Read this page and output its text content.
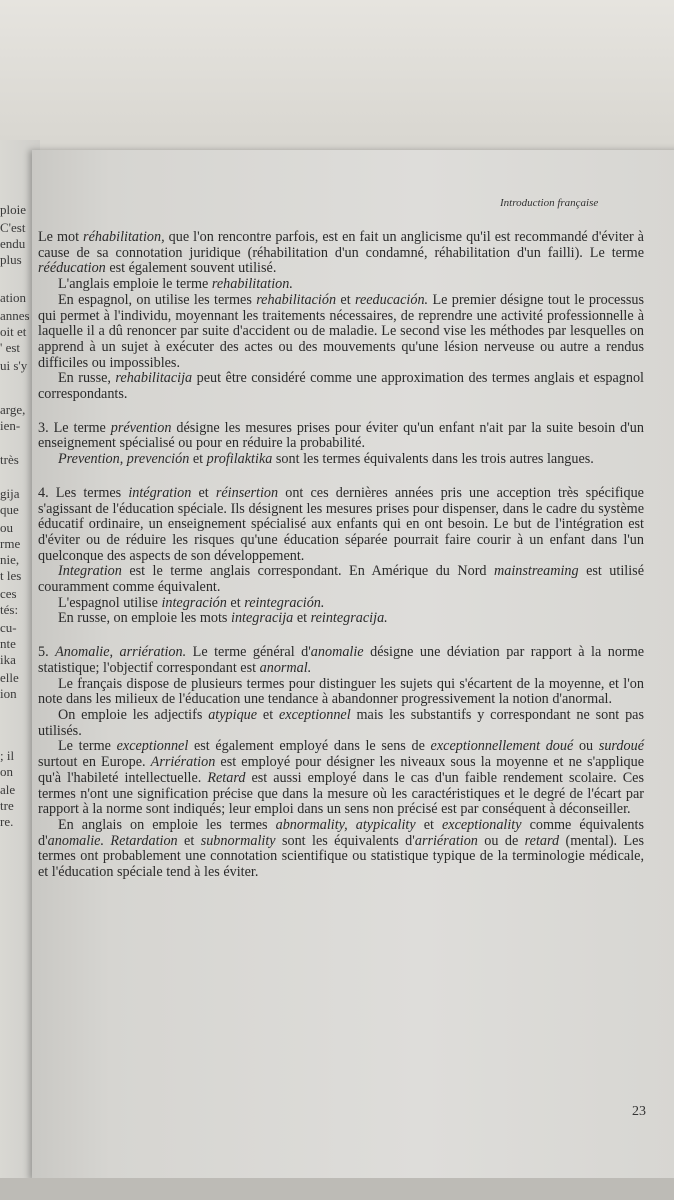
ploie
C'est
endu
plus
ation
annes
oit et
' est
ui s'y
arge,
ien-
très
gija
que
ou
rme
nie,
t les
ces
tés:
cu-
nte
ika
elle
ion
; il
on
ale
tre
re.
Introduction française

Le mot réhabilitation, que l'on rencontre parfois, est en fait un anglicisme qu'il est recommandé d'éviter à cause de sa connotation juridique (réhabilitation d'un condamné, réhabilitation d'un failli). Le terme rééducation est également souvent utilisé.

L'anglais emploie le terme rehabilitation.

En espagnol, on utilise les termes rehabilitación et reeducación. Le premier désigne tout le processus qui permet à l'individu, moyennant les traitements nécessaires, de reprendre une activité professionnelle à laquelle il a dû renoncer par suite d'accident ou de maladie. Le second vise les méthodes par lesquelles on apprend à un sujet à exécuter des actes ou des mouvements qu'une lésion nerveuse ou autre a rendus difficiles ou impossibles.

En russe, rehabilitacija peut être considéré comme une approximation des termes anglais et espagnol correspondants.

3. Le terme prévention désigne les mesures prises pour éviter qu'un enfant n'ait par la suite besoin d'un enseignement spécialisé ou pour en réduire la probabilité.

Prevention, prevención et profilaktika sont les termes équivalents dans les trois autres langues.

4. Les termes intégration et réinsertion ont ces dernières années pris une acception très spécifique s'agissant de l'éducation spéciale. Ils désignent les mesures prises pour dispenser, dans le cadre du système éducatif ordinaire, un enseignement spécialisé aux enfants qui en ont besoin. Le but de l'intégration est d'éviter ou de réduire les risques qu'une éducation séparée pourrait faire courir à un enfant dans l'un quelconque des aspects de son développement.

Integration est le terme anglais correspondant. En Amérique du Nord mainstreaming est utilisé couramment comme équivalent.

L'espagnol utilise integración et reintegración.

En russe, on emploie les mots integracija et reintegracija.

5. Anomalie, arriération. Le terme général d'anomalie désigne une déviation par rapport à la norme statistique; l'objectif correspondant est anormal.

Le français dispose de plusieurs termes pour distinguer les sujets qui s'écartent de la moyenne, et l'on note dans les milieux de l'éducation une tendance à abandonner progressivement la notion d'anormal.

On emploie les adjectifs atypique et exceptionnel mais les substantifs y correspondant ne sont pas utilisés.

Le terme exceptionnel est également employé dans le sens de exceptionnellement doué ou surdoué surtout en Europe. Arriération est employé pour désigner les niveaux sous la moyenne et ne s'applique qu'à l'habileté intellectuelle. Retard est aussi employé dans le cas d'un faible rendement scolaire. Ces termes n'ont une signification précise que dans la mesure où les caractéristiques et le degré de l'écart par rapport à la norme sont indiqués; leur emploi dans un sens non précisé est par conséquent à déconseiller.

En anglais on emploie les termes abnormality, atypicality et exceptionality comme équivalents d'anomalie. Retardation et subnormality sont les équivalents d'arriération ou de retard (mental). Les termes ont probablement une connotation scientifique ou statistique typique de la terminologie médicale, et l'éducation spéciale tend à les éviter.

23
